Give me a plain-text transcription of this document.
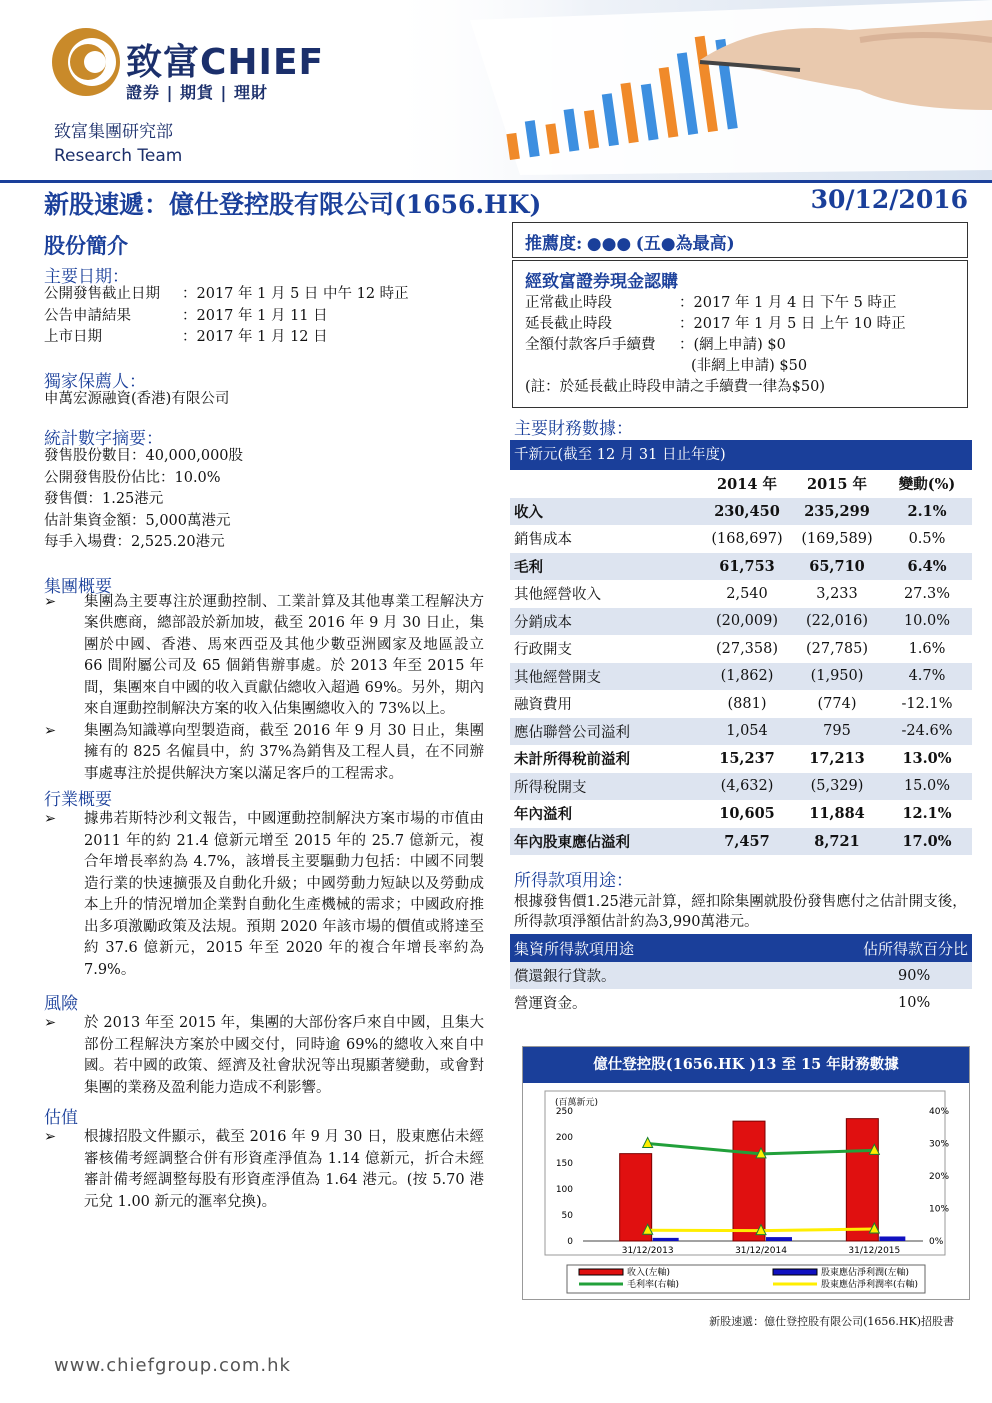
致富CHIEF
證券 | 期貨 | 理財
致富集團研究部
Research Team
新股速遞：億仕登控股有限公司(1656.HK)	30/12/2016
股份簡介
主要日期：
公開發售截止日期	：2017 年 1 月 5 日 中午 12 時正
公告申請結果	：2017 年 1 月 11 日
上市日期	：2017 年 1 月 12 日
獨家保薦人：
申萬宏源融資(香港)有限公司
統計數字摘要：
發售股份數目：40,000,000股
公開發售股份佔比：10.0%
發售價：1.25港元
估計集資金額：5,000萬港元
每手入場費：2,525.20港元
集團概要
➢	集團為主要專注於運動控制、工業計算及其他專業工程解決方案供應商，總部設於新加坡，截至 2016 年 9 月 30 日止，集團於中國、香港、馬來西亞及其他少數亞洲國家及地區設立 66 間附屬公司及 65 個銷售辦事處。於 2013 年至 2015 年間，集團來自中國的收入貢獻佔總收入超過 69%。另外，期內來自運動控制解決方案的收入佔集團總收入的 73%以上。
➢	集團為知識導向型製造商，截至 2016 年 9 月 30 日止，集團擁有的 825 名僱員中，約 37%為銷售及工程人員，在不同辦事處專注於提供解決方案以滿足客戶的工程需求。
行業概要
➢	據弗若斯特沙利文報告，中國運動控制解決方案市場的市值由 2011 年的約 21.4 億新元增至 2015 年的 25.7 億新元，複合年增長率約為 4.7%，該增長主要驅動力包括：中國不同製造行業的快速擴張及自動化升級；中國勞動力短缺以及勞動成本上升的情況增加企業對自動化生產機械的需求；中國政府推出多項激勵政策及法規。預期 2020 年該市場的價值或將達至約 37.6 億新元，2015 年至 2020 年的複合年增長率約為 7.9%。
風險
➢	於 2013 年至 2015 年，集團的大部份客戶來自中國，且集大部份工程解決方案於中國交付，同時逾 69%的總收入來自中國。若中國的政策、經濟及社會狀況等出現顯著變動，或會對集團的業務及盈利能力造成不利影響。
估值
➢	根據招股文件顯示，截至 2016 年 9 月 30 日，股東應佔未經審核備考經調整合併有形資產淨值為 1.14 億新元，折合未經審計備考經調整每股有形資產淨值為 1.64 港元。(按 5.70 港元兌 1.00 新元的滙率兌換)。
推薦度: ●●● (五●為最高)
經致富證券現金認購
正常截止時段	：2017 年 1 月 4 日 下午 5 時正
延長截止時段	：2017 年 1 月 5 日 上午 10 時正
全額付款客戶手續費	：(網上申請) $0
(非網上申請) $50
(註：於延長截止時段申請之手續費一律為$50)
主要財務數據：
千新元(截至 12 月 31 日止年度)
	2014 年	2015 年	變動(%)
收入	230,450	235,299	2.1%
銷售成本	(168,697)	(169,589)	0.5%
毛利	61,753	65,710	6.4%
其他經營收入	2,540	3,233	27.3%
分銷成本	(20,009)	(22,016)	10.0%
行政開支	(27,358)	(27,785)	1.6%
其他經營開支	(1,862)	(1,950)	4.7%
融資費用	(881)	(774)	-12.1%
應佔聯營公司溢利	1,054	795	-24.6%
未計所得稅前溢利	15,237	17,213	13.0%
所得稅開支	(4,632)	(5,329)	15.0%
年內溢利	10,605	11,884	12.1%
年內股東應佔溢利	7,457	8,721	17.0%
所得款項用途：
根據發售價1.25港元計算，經扣除集團就股份發售應付之估計開支後，所得款項淨額估計約為3,990萬港元。
集資所得款項用途	佔所得款百分比
償還銀行貸款。	90%
營運資金。	10%
億仕登控股(1656.HK )13 至 15 年財務數據
(百萬新元)
0
50
100
150
200
250
0%
10%
20%
30%
40%
31/12/2013	31/12/2014	31/12/2015
收入(左軸)	股東應佔淨利潤(左軸)
毛利率(右軸)	股東應佔淨利潤率(右軸)
新股速遞：億仕登控股有限公司(1656.HK)招股書
www.chiefgroup.com.hk
